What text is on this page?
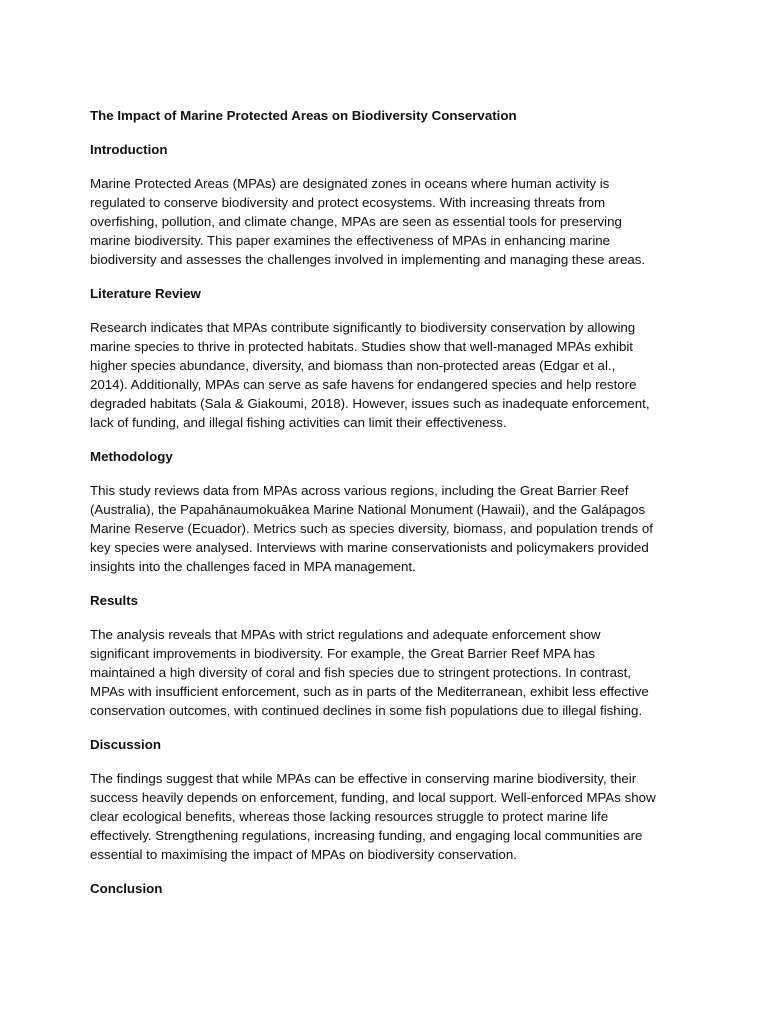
The Impact of Marine Protected Areas on Biodiversity Conservation
Introduction
Marine Protected Areas (MPAs) are designated zones in oceans where human activity is
regulated to conserve biodiversity and protect ecosystems. With increasing threats from
overfishing, pollution, and climate change, MPAs are seen as essential tools for preserving
marine biodiversity. This paper examines the effectiveness of MPAs in enhancing marine
biodiversity and assesses the challenges involved in implementing and managing these areas.
Literature Review
Research indicates that MPAs contribute significantly to biodiversity conservation by allowing
marine species to thrive in protected habitats. Studies show that well-managed MPAs exhibit
higher species abundance, diversity, and biomass than non-protected areas (Edgar et al.,
2014). Additionally, MPAs can serve as safe havens for endangered species and help restore
degraded habitats (Sala & Giakoumi, 2018). However, issues such as inadequate enforcement,
lack of funding, and illegal fishing activities can limit their effectiveness.
Methodology
This study reviews data from MPAs across various regions, including the Great Barrier Reef
(Australia), the Papahānaumokuākea Marine National Monument (Hawaii), and the Galápagos
Marine Reserve (Ecuador). Metrics such as species diversity, biomass, and population trends of
key species were analysed. Interviews with marine conservationists and policymakers provided
insights into the challenges faced in MPA management.
Results
The analysis reveals that MPAs with strict regulations and adequate enforcement show
significant improvements in biodiversity. For example, the Great Barrier Reef MPA has
maintained a high diversity of coral and fish species due to stringent protections. In contrast,
MPAs with insufficient enforcement, such as in parts of the Mediterranean, exhibit less effective
conservation outcomes, with continued declines in some fish populations due to illegal fishing.
Discussion
The findings suggest that while MPAs can be effective in conserving marine biodiversity, their
success heavily depends on enforcement, funding, and local support. Well-enforced MPAs show
clear ecological benefits, whereas those lacking resources struggle to protect marine life
effectively. Strengthening regulations, increasing funding, and engaging local communities are
essential to maximising the impact of MPAs on biodiversity conservation.
Conclusion
